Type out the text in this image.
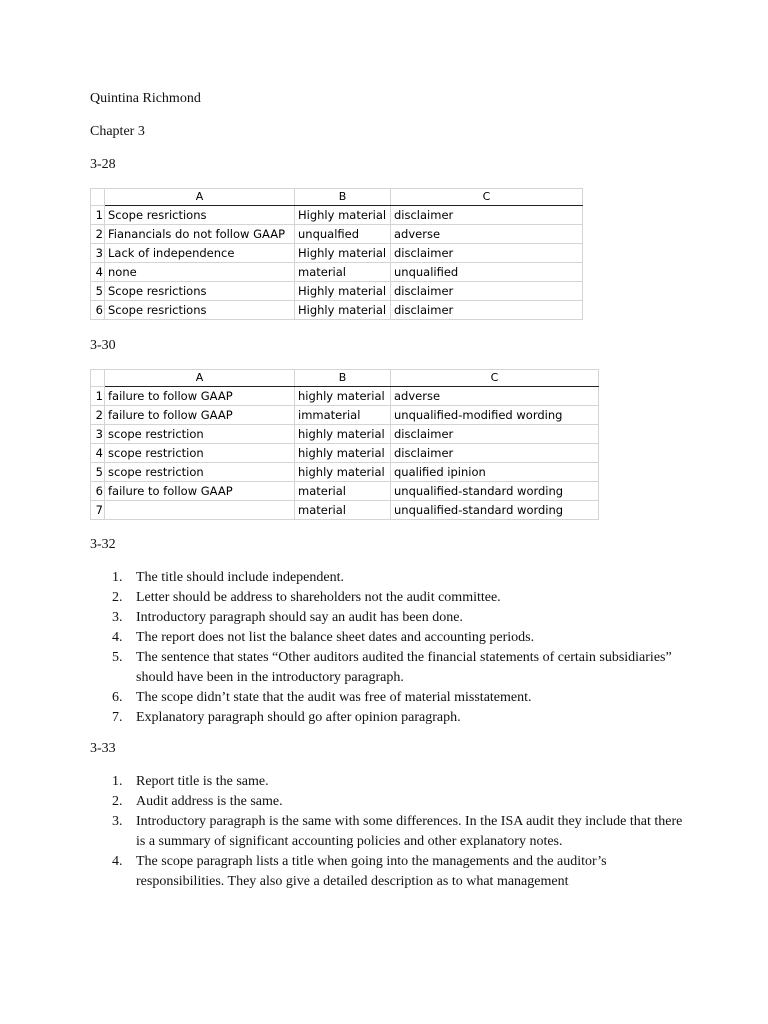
Quintina Richmond
Chapter 3
3-28
	A	B	C
1	Scope resrictions	Highly material	disclaimer
2	Fianancials do not follow GAAP	unqualfied	adverse
3	Lack of independence	Highly material	disclaimer
4	none	material	unqualified
5	Scope resrictions	Highly material	disclaimer
6	Scope resrictions	Highly material	disclaimer
3-30
	A	B	C
1	failure to follow GAAP	highly material	adverse
2	failure to follow GAAP	immaterial	unqualified-modified wording
3	scope restriction	highly material	disclaimer
4	scope restriction	highly material	disclaimer
5	scope restriction	highly material	qualified ipinion
6	failure to follow GAAP	material	unqualified-standard wording
7		material	unqualified-standard wording
3-32
1. The title should include independent.
2. Letter should be address to shareholders not the audit committee.
3. Introductory paragraph should say an audit has been done.
4. The report does not list the balance sheet dates and accounting periods.
5. The sentence that states “Other auditors audited the financial statements of certain subsidiaries” should have been in the introductory paragraph.
6. The scope didn’t state that the audit was free of material misstatement.
7. Explanatory paragraph should go after opinion paragraph.
3-33
1. Report title is the same.
2. Audit address is the same.
3. Introductory paragraph is the same with some differences. In the ISA audit they include that there is a summary of significant accounting policies and other explanatory notes.
4. The scope paragraph lists a title when going into the managements and the auditor’s responsibilities. They also give a detailed description as to what management
